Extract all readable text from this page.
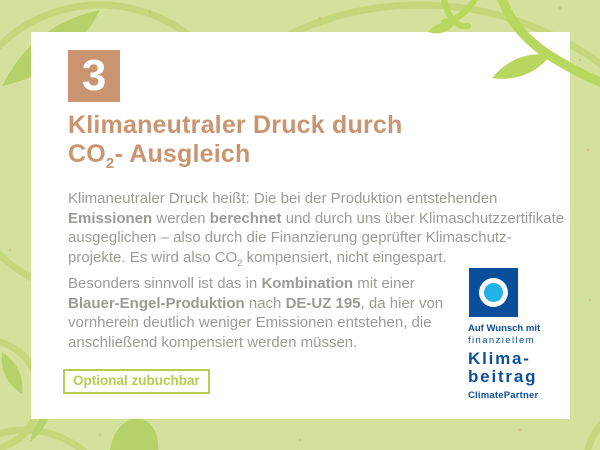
3
Klimaneutraler Druck durch
$CO_2-$ Ausgleich

Klimaneutraler Druck heißt: Die bei der Produktion entstehenden
Emissionen werden berechnet und durch uns über Klimaschutzzertifikate
ausgeglichen – also durch die Finanzierung geprüfter Klimaschutz-
projekte. Es wird also $CO_2$ kompensiert, nicht eingespart.

Besonders sinnvoll ist das in Kombination mit einer
Blauer-Engel-Produktion nach DE-UZ 195, da hier von
vornherein deutlich weniger Emissionen entstehen, die
anschließend kompensiert werden müssen.

Optional zubuchbar
Auf Wunsch mit
finanziellem
Klima-
beitrag
ClimatePartner
